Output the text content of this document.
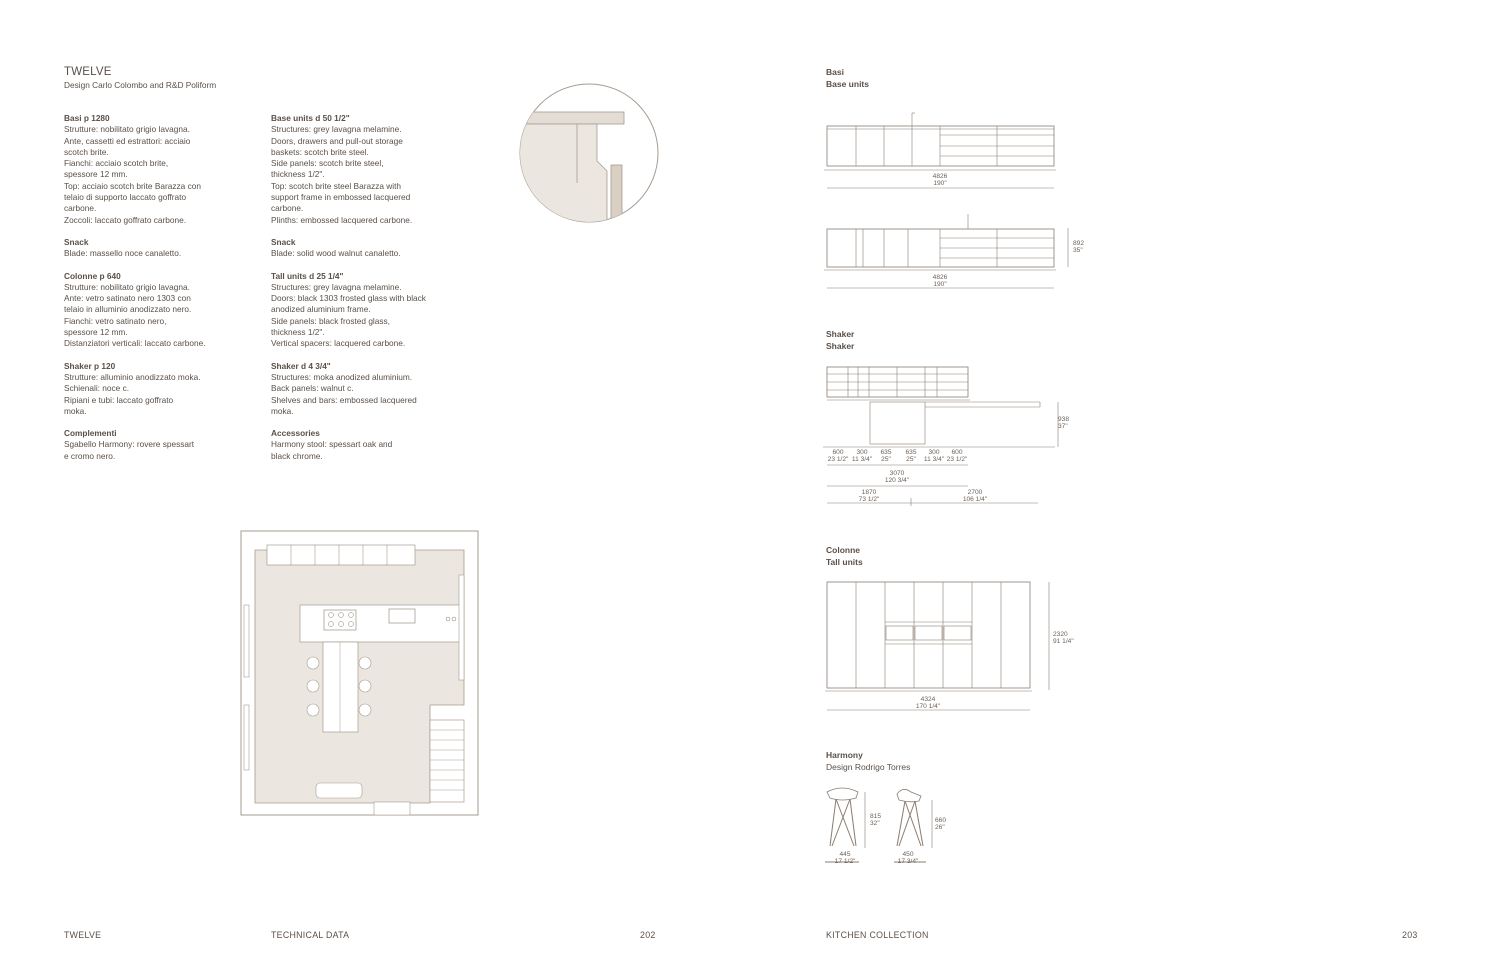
TWELVE
Design Carlo Colombo and R&D Poliform
Basi p 1280
Strutture: nobilitato grigio lavagna.
Ante, cassetti ed estrattori: acciaio
scotch brite.
Fianchi: acciaio scotch brite,
spessore 12 mm.
Top: acciaio scotch brite Barazza con
telaio di supporto laccato goffrato
carbone.
Zoccoli: laccato goffrato carbone.
Snack
Blade: massello noce canaletto.
Colonne p 640
Strutture: nobilitato grigio lavagna.
Ante: vetro satinato nero 1303 con
telaio in alluminio anodizzato nero.
Fianchi: vetro satinato nero,
spessore 12 mm.
Distanziatori verticali: laccato carbone.
Shaker p 120
Strutture: alluminio anodizzato moka.
Schienali: noce c.
Ripiani e tubi: laccato goffrato
moka.
Complementi
Sgabello Harmony: rovere spessart
e cromo nero.
Base units d 50 1/2"
Structures: grey lavagna melamine.
Doors, drawers and pull-out storage
baskets: scotch brite steel.
Side panels: scotch brite steel,
thickness 1/2".
Top: scotch brite steel Barazza with
support frame in embossed lacquered
carbone.
Plinths: embossed lacquered carbone.
Snack
Blade: solid wood walnut canaletto.
Tall units d 25 1/4"
Structures: grey lavagna melamine.
Doors: black 1303 frosted glass with black
anodized aluminium frame.
Side panels: black frosted glass,
thickness 1/2".
Vertical spacers: lacquered carbone.
Shaker d 4 3/4"
Structures: moka anodized aluminium.
Back panels: walnut c.
Shelves and bars: embossed lacquered
moka.
Accessories
Harmony stool: spessart oak and
black chrome.
Basi
Base units
4826
190"
4826
190"
892
35"
Shaker
Shaker
938
37"
600
23 1/2"
300
11 3/4"
635
25"
635
25"
300
11 3/4"
600
23 1/2"
3070
120 3/4"
1870
73 1/2"
2700
106 1/4"
Colonne
Tall units
2320
91 1/4"
4324
170 1/4"
Harmony
Design Rodrigo Torres
815
32"
445
17 1/2"
660
26"
450
17 3/4"
TWELVE	TECHNICAL DATA	202	KITCHEN COLLECTION	203
